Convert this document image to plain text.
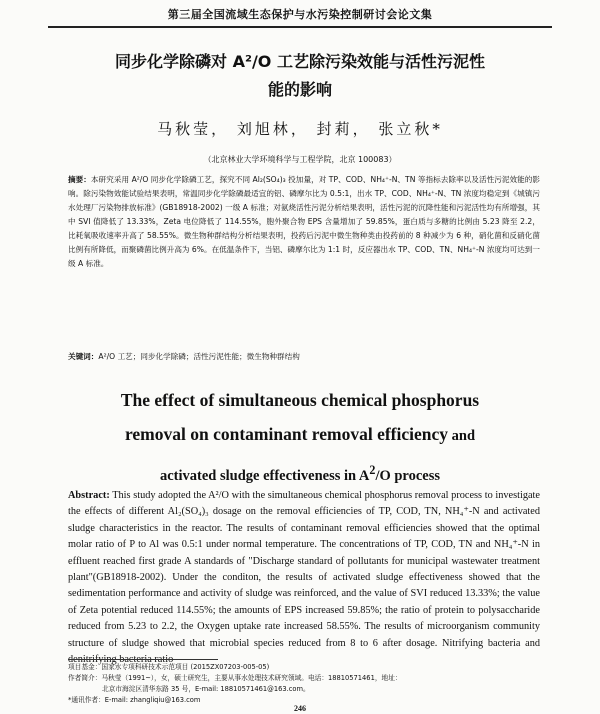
第三届全国流域生态保护与水污染控制研讨会论文集
同步化学除磷对 A²/O 工艺除污染效能与活性污泥性
能的影响
马秋莹， 刘旭林， 封莉， 张立秋*
（北京林业大学环境科学与工程学院，北京 100083）
摘要：本研究采用 A²/O 同步化学除磷工艺，探究不同 Al₂(SO₄)₃ 投加量，对 TP、COD、NH₄⁺-N、TN 等指标去除率以及活性污泥效能的影响。除污染物效能试验结果表明，常温同步化学除磷最适宜的铝、磷摩尔比为 0.5:1，出水 TP、COD、NH₄⁺-N、TN 浓度均稳定到《城镇污水处理厂污染物排放标准》(GB18918-2002) 一级 A 标准；对氨烧活性污泥分析结果表明，活性污泥的沉降性能和污泥活性均有所增强，其中 SVI 值降低了 13.33%，Zeta 电位降低了 114.55%，胞外聚合物 EPS 含量增加了 59.85%，蛋白质与多糖的比例由 5.23 降至 2.2，比耗氧吸收速率升高了 58.55%。微生物种群结构分析结果表明，投药后污泥中微生物种类由投药前的 8 种减少为 6 种，硝化菌和反硝化菌比例有所降低，而聚磷菌比例升高为 6%。在低温条件下，当铝、磷摩尔比为 1:1 时，反应器出水 TP、COD、TN、NH₄⁺-N 浓度均可达到一级 A 标准。
关键词：A²/O 工艺；同步化学除磷；活性污泥性能；微生物种群结构
The effect of simultaneous chemical phosphorus
removal on contaminant removal efficiency and
activated sludge effectiveness in $A^2/O$ process
Abstract: This study adopted the A²/O with the simultaneous chemical phosphorus removal process to investigate the effects of different Al₂(SO₄)₃ dosage on the removal efficiencies of TP, COD, TN, NH₄⁺-N and activated sludge characteristics in the reactor. The results of contaminant removal efficiencies showed that the optimal molar ratio of P to Al was 0.5:1 under normal temperature. The concentrations of TP, COD, TN and NH₄⁺-N in effluent reached first grade A standards of "Discharge standard of pollutants for municipal wastewater treatment plant"(GB18918-2002). Under the conditon, the results of activated sludge effectiveness showed that the sedimentation performance and activity of sludge was reinforced, and the value of SVI reduced 13.33%; the value of Zeta potential reduced 114.55%; the amounts of EPS increased 59.85%; the ratio of protein to polysaccharide reduced from 5.23 to 2.2, the Oxygen uptake rate increased 58.55%. The results of microorganism community structure of sludge showed that microbial species reduced from 8 to 6 after dosage. Nitrifying bacteria and denitrifying bacteria ratio
项目基金：国家水专项科研技术示范项目 (2015ZX07203-005-05)
作者简介：马秋莹（1991~），女，硕士研究生，主要从事水处理技术研究领域。电话：18810571461，地址：
北京市海淀区清华东路 35 号，E-mail: 18810571461@163.com。
*通讯作者：E-mail: zhangliqiu@163.com
246
